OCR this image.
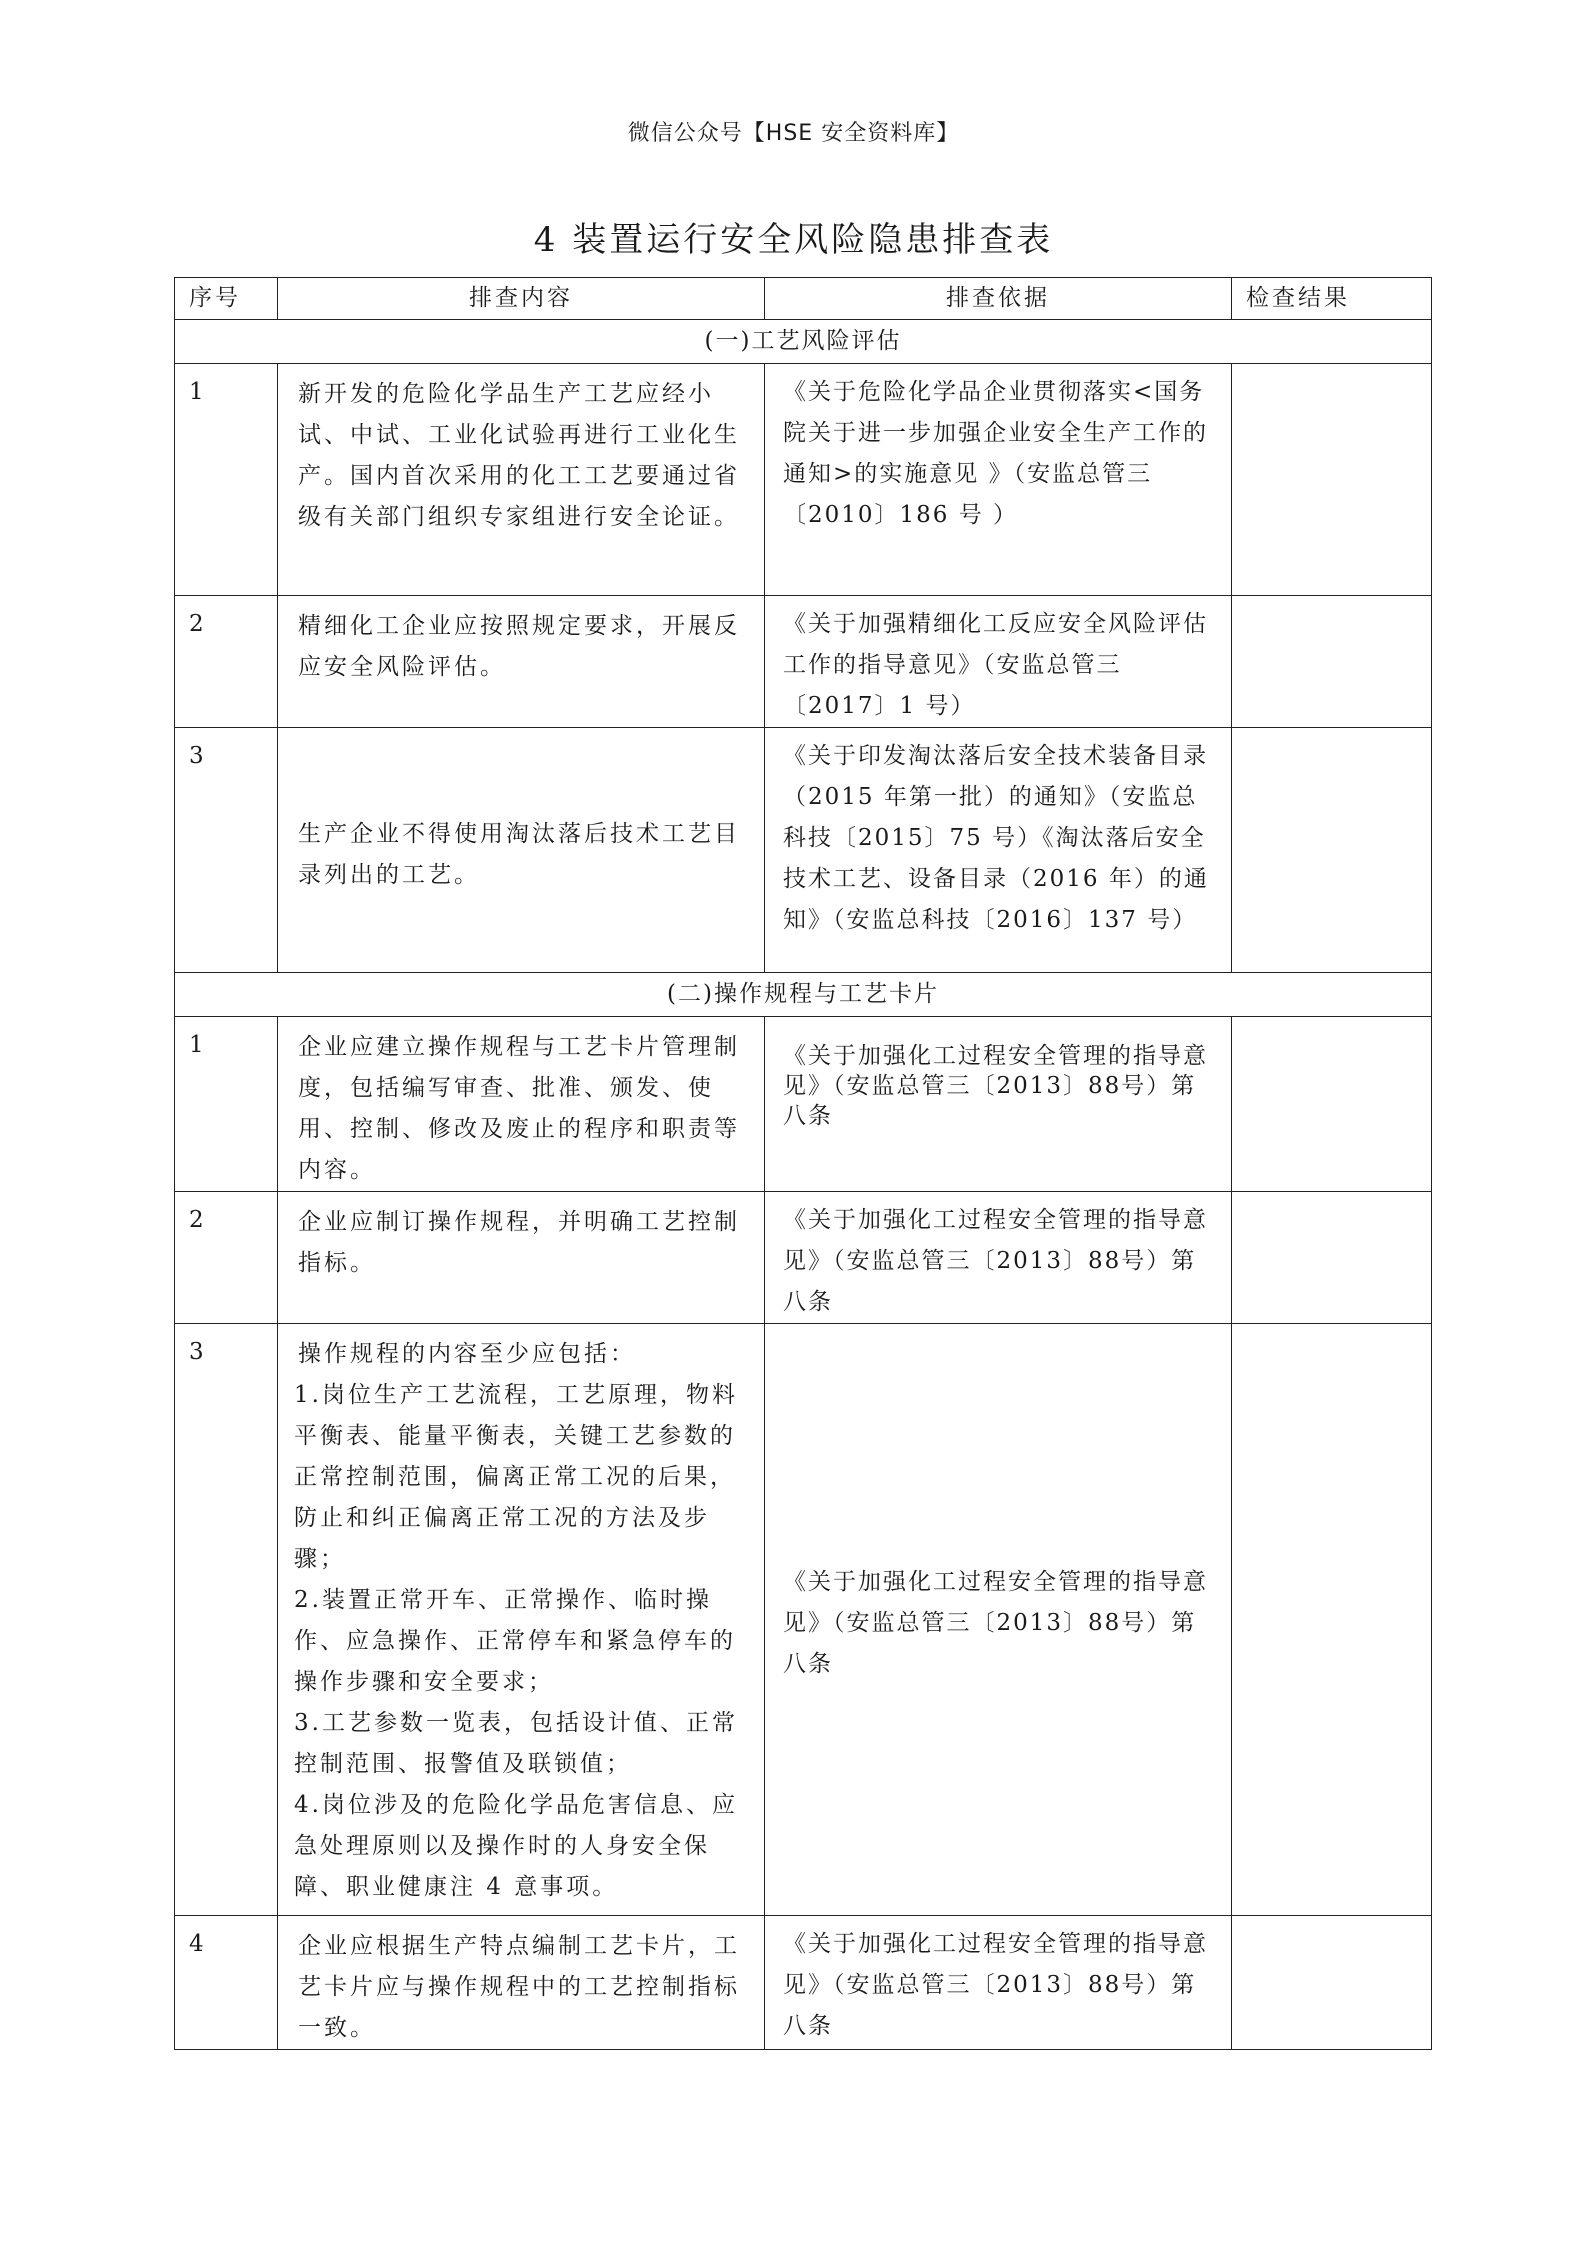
微信公众号【HSE 安全资料库】
4 装置运行安全风险隐患排查表
序号	排查内容	排查依据	检查结果
(一)工艺风险评估			
1	新开发的危险化学品生产工艺应经小试、中试、工业化试验再进行工业化生产。国内首次采用的化工工艺要通过省级有关部门组织专家组进行安全论证。	《关于危险化学品企业贯彻落实<国务院关于进一步加强企业安全生产工作的通知>的实施意见 》（安监总管三〔2010〕186 号 ）	
2	精细化工企业应按照规定要求，开展反应安全风险评估。	《关于加强精细化工反应安全风险评估工作的指导意见》（安监总管三〔2017〕1 号）	
3	生产企业不得使用淘汰落后技术工艺目录列出的工艺。	《关于印发淘汰落后安全技术装备目录（2015 年第一批）的通知》（安监总科技〔2015〕75 号）《淘汰落后安全技术工艺、设备目录（2016 年）的通知》（安监总科技〔2016〕137 号）	
(二)操作规程与工艺卡片			
1	企业应建立操作规程与工艺卡片管理制度，包括编写审查、批准、颁发、使用、控制、修改及废止的程序和职责等内容。	《关于加强化工过程安全管理的指导意见》（安监总管三〔2013〕88号）第八条	
2	企业应制订操作规程，并明确工艺控制指标。	《关于加强化工过程安全管理的指导意见》（安监总管三〔2013〕88号）第八条	
3	操作规程的内容至少应包括：
1.岗位生产工艺流程，工艺原理，物料平衡表、能量平衡表，关键工艺参数的正常控制范围，偏离正常工况的后果，防止和纠正偏离正常工况的方法及步骤；
2.装置正常开车、正常操作、临时操作、应急操作、正常停车和紧急停车的操作步骤和安全要求；
3.工艺参数一览表，包括设计值、正常控制范围、报警值及联锁值；
4.岗位涉及的危险化学品危害信息、应急处理原则以及操作时的人身安全保障、职业健康注 4 意事项。	《关于加强化工过程安全管理的指导意见》（安监总管三〔2013〕88号）第八条	
4	企业应根据生产特点编制工艺卡片，工艺卡片应与操作规程中的工艺控制指标一致。	《关于加强化工过程安全管理的指导意见》（安监总管三〔2013〕88号）第八条	
